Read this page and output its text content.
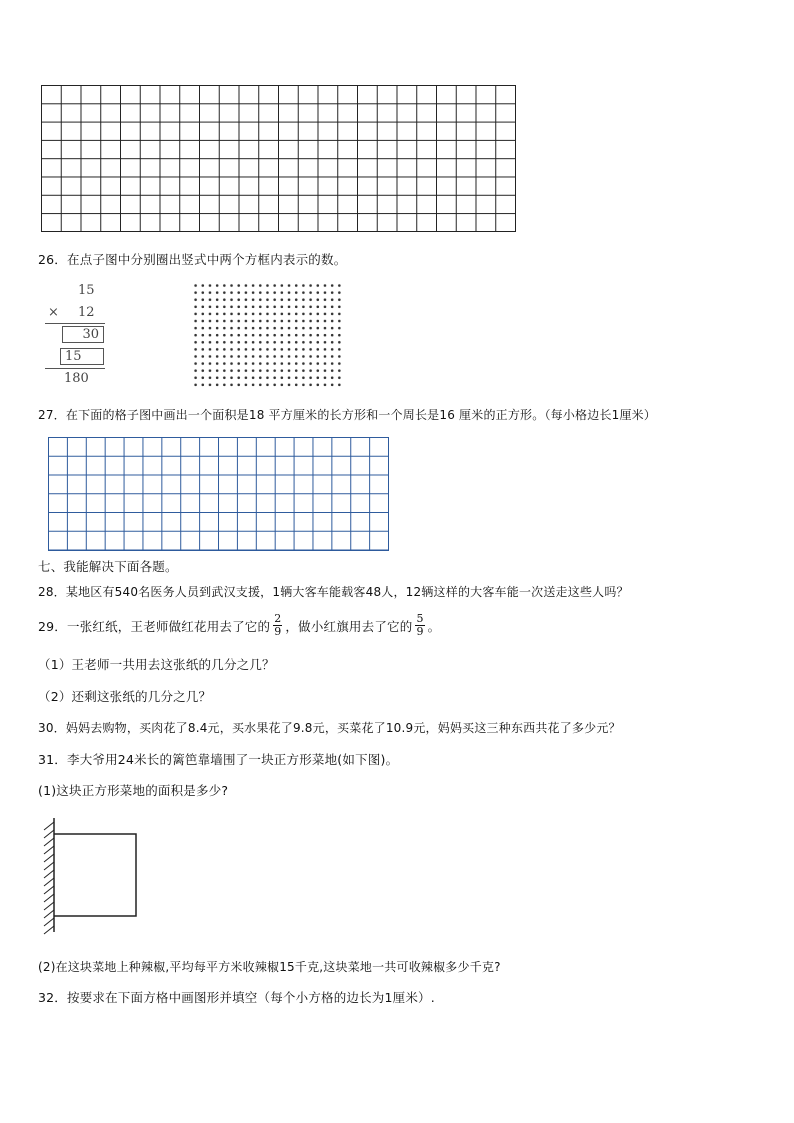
26．在点子图中分别圈出竖式中两个方框内表示的数。
15
× 12
30
15
180
27．在下面的格子图中画出一个面积是18 平方厘米的长方形和一个周长是16 厘米的正方形。（每小格边长1厘米）
七、我能解决下面各题。
28．某地区有540名医务人员到武汉支援，1辆大客车能载客48人，12辆这样的大客车能一次送走这些人吗？
29．一张红纸，王老师做红花用去了它的 $\frac{2}{9}$ ，做小红旗用去了它的 $\frac{5}{9}$ 。
（1）王老师一共用去这张纸的几分之几？
（2）还剩这张纸的几分之几？
30．妈妈去购物，买肉花了8.4元，买水果花了9.8元，买菜花了10.9元，妈妈买这三种东西共花了多少元？
31．李大爷用24米长的篱笆靠墙围了一块正方形菜地(如下图)。
(1)这块正方形菜地的面积是多少?
(2)在这块菜地上种辣椒,平均每平方米收辣椒15千克,这块菜地一共可收辣椒多少千克?
32．按要求在下面方格中画图形并填空（每个小方格的边长为1厘米）.
